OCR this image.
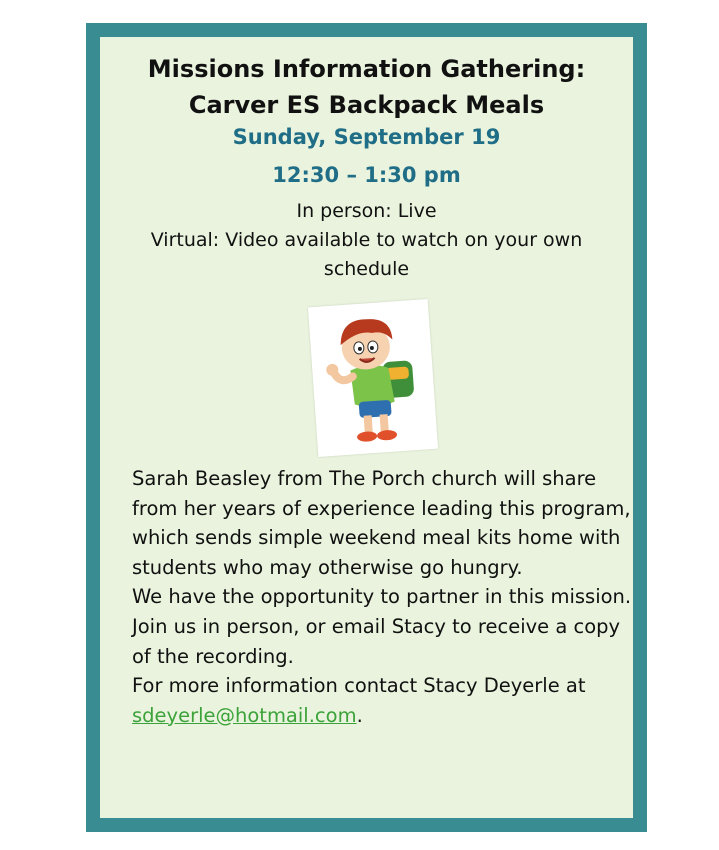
Missions Information Gathering:
Carver ES Backpack Meals
Sunday, September 19
12:30 – 1:30 pm
In person: Live
Virtual: Video available to watch on your own schedule

Sarah Beasley from The Porch church will share from her years of experience leading this program, which sends simple weekend meal kits home with students who may otherwise go hungry.

We have the opportunity to partner in this mission.

Join us in person, or email Stacy to receive a copy of the recording.

For more information contact Stacy Deyerle at sdeyerle@hotmail.com.
